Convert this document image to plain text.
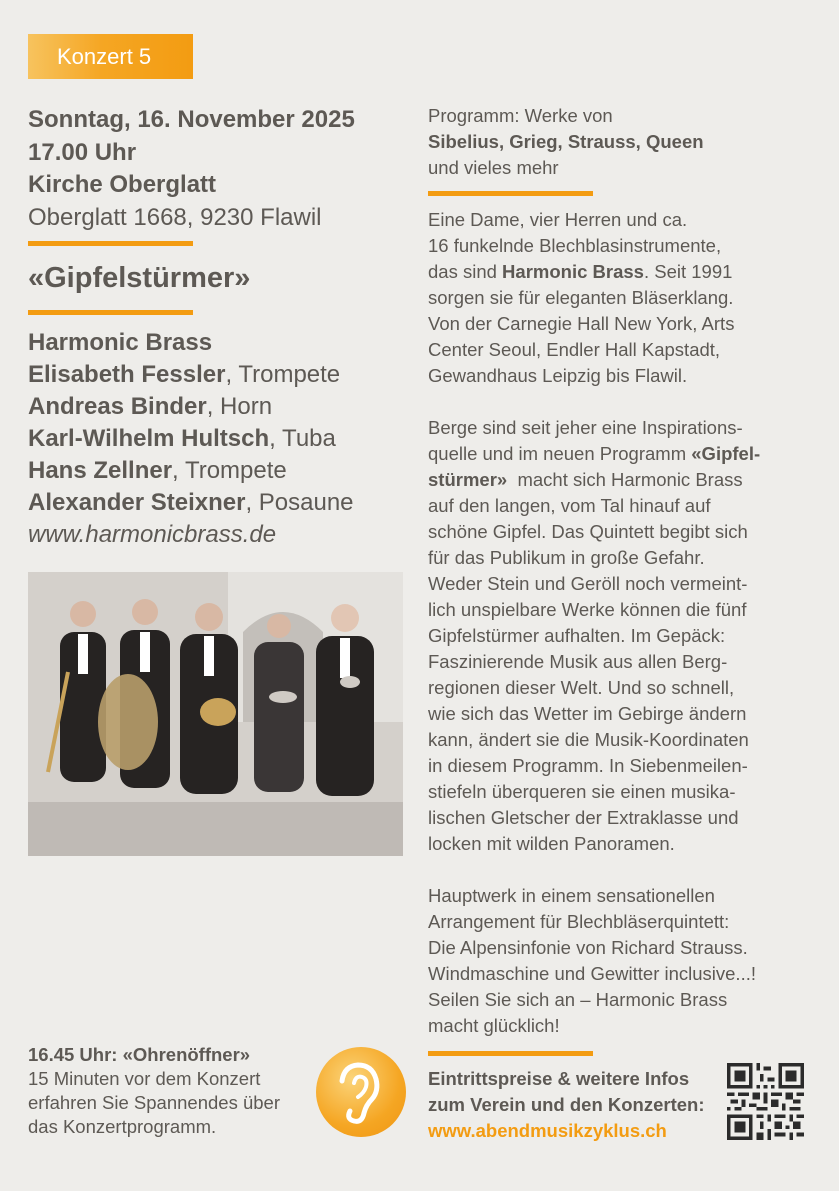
Konzert 5
Sonntag, 16. November 2025
17.00 Uhr
Kirche Oberglatt
Oberglatt 1668, 9230 Flawil
«Gipfelstürmer»
Harmonic Brass
Elisabeth Fessler, Trompete
Andreas Binder, Horn
Karl-Wilhelm Hultsch, Tuba
Hans Zellner, Trompete
Alexander Steixner, Posaune
www.harmonicbrass.de
Programm: Werke von
Sibelius, Grieg, Strauss, Queen
und vieles mehr
Eine Dame, vier Herren und ca.
16 funkelnde Blechblasinstrumente,
das sind Harmonic Brass. Seit 1991
sorgen sie für eleganten Bläserklang.
Von der Carnegie Hall New York, Arts
Center Seoul, Endler Hall Kapstadt,
Gewandhaus Leipzig bis Flawil.
Berge sind seit jeher eine Inspirations-
quelle und im neuen Programm «Gipfel-
stürmer»  macht sich Harmonic Brass
auf den langen, vom Tal hinauf auf
schöne Gipfel. Das Quintett begibt sich
für das Publikum in große Gefahr.
Weder Stein und Geröll noch vermeint-
lich unspielbare Werke können die fünf
Gipfelstürmer aufhalten. Im Gepäck:
Faszinierende Musik aus allen Berg-
regionen dieser Welt. Und so schnell,
wie sich das Wetter im Gebirge ändern
kann, ändert sie die Musik-Koordinaten
in diesem Programm. In Siebenmeilen-
stiefeln überqueren sie einen musika-
lischen Gletscher der Extraklasse und
locken mit wilden Panoramen.
Hauptwerk in einem sensationellen
Arrangement für Blechbläserquintett:
Die Alpensinfonie von Richard Strauss.
Windmaschine und Gewitter inclusive...!
Seilen Sie sich an – Harmonic Brass
macht glücklich!
16.45 Uhr: «Ohrenöffner»
15 Minuten vor dem Konzert
erfahren Sie Spannendes über
das Konzertprogramm.
Eintrittspreise & weitere Infos
zum Verein und den Konzerten:
www.abendmusikzyklus.ch
